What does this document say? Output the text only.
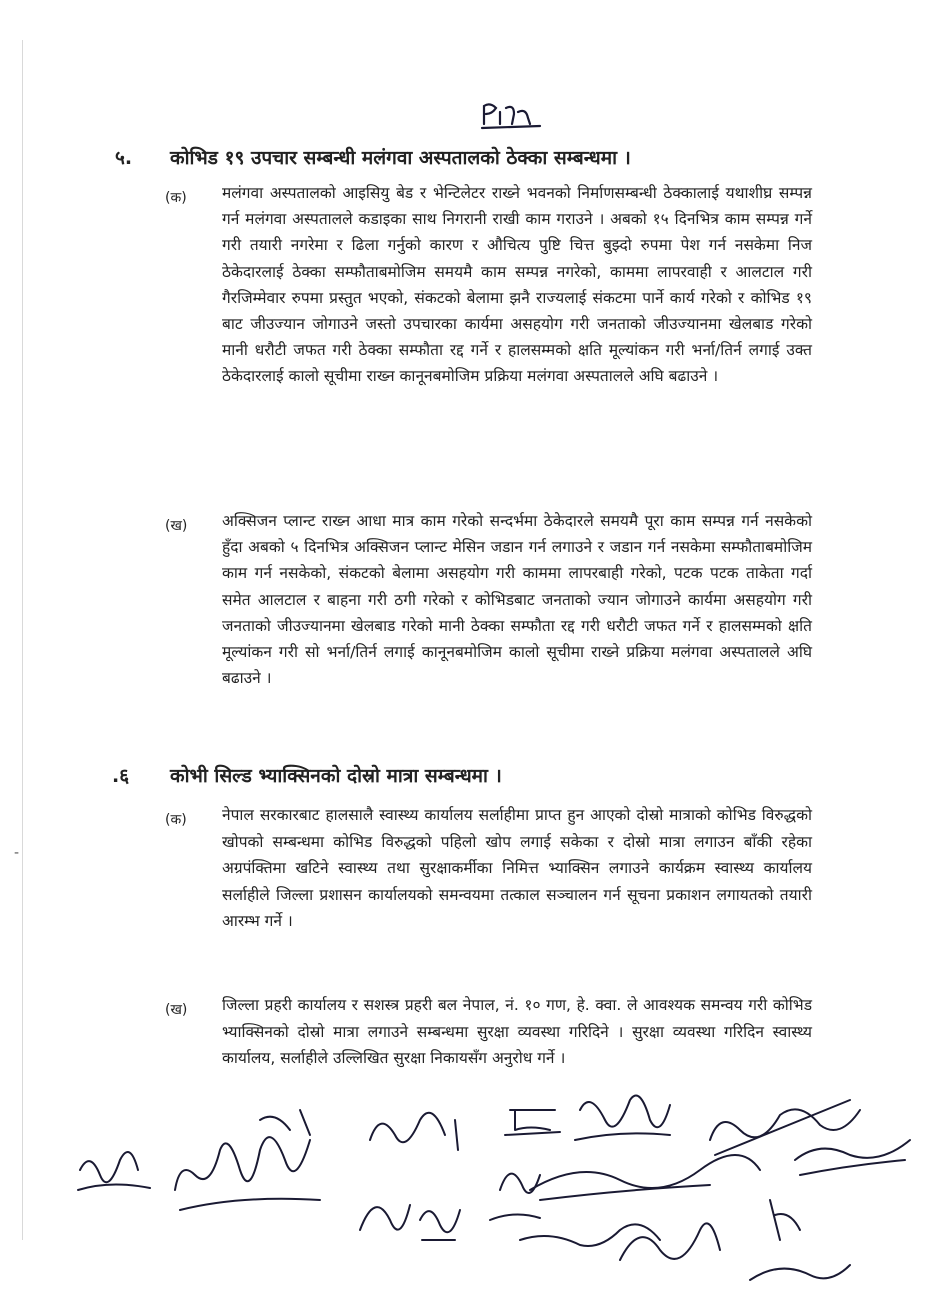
५. कोभिड १९ उपचार सम्बन्धी मलंगवा अस्पतालको ठेक्का सम्बन्धमा ।
(क) मलंगवा अस्पतालको आइसियु बेड र भेन्टिलेटर राख्ने भवनको निर्माणसम्बन्धी ठेक्कालाई यथाशीघ्र सम्पन्न गर्न मलंगवा अस्पतालले कडाइका साथ निगरानी राखी काम गराउने । अबको १५ दिनभित्र काम सम्पन्न गर्ने गरी तयारी नगरेमा र ढिला गर्नुको कारण र औचित्य पुष्टि चित्त बुझ्दो रुपमा पेश गर्न नसकेमा निज ठेकेदारलाई ठेक्का सम्फौताबमोजिम समयमै काम सम्पन्न नगरेको, काममा लापरवाही र आलटाल गरी गैरजिम्मेवार रुपमा प्रस्तुत भएको, संकटको बेलामा झनै राज्यलाई संकटमा पार्ने कार्य गरेको र कोभिड १९ बाट जीउज्यान जोगाउने जस्तो उपचारका कार्यमा असहयोग गरी जनताको जीउज्यानमा खेलबाड गरेको मानी धरौटी जफत गरी ठेक्का सम्फौता रद्द गर्ने र हालसम्मको क्षति मूल्यांकन गरी भर्ना/तिर्न लगाई उक्त ठेकेदारलाई कालो सूचीमा राख्न कानूनबमोजिम प्रक्रिया मलंगवा अस्पतालले अघि बढाउने ।
(ख) अक्सिजन प्लान्ट राख्न आधा मात्र काम गरेको सन्दर्भमा ठेकेदारले समयमै पूरा काम सम्पन्न गर्न नसकेको हुँदा अबको ५ दिनभित्र अक्सिजन प्लान्ट मेसिन जडान गर्न लगाउने र जडान गर्न नसकेमा सम्फौताबमोजिम काम गर्न नसकेको, संकटको बेलामा असहयोग गरी काममा लापरबाही गरेको, पटक पटक ताकेता गर्दा समेत आलटाल र बाहना गरी ठगी गरेको र कोभिडबाट जनताको ज्यान जोगाउने कार्यमा असहयोग गरी जनताको जीउज्यानमा खेलबाड गरेको मानी ठेक्का सम्फौता रद्द गरी धरौटी जफत गर्ने र हालसम्मको क्षति मूल्यांकन गरी सो भर्ना/तिर्न लगाई कानूनबमोजिम कालो सूचीमा राख्ने प्रक्रिया मलंगवा अस्पतालले अघि बढाउने ।
.६ कोभी सिल्ड भ्याक्सिनको दोस्रो मात्रा सम्बन्धमा ।
(क) नेपाल सरकारबाट हालसालै स्वास्थ्य कार्यालय सर्लाहीमा प्राप्त हुन आएको दोस्रो मात्राको कोभिड विरुद्धको खोपको सम्बन्धमा कोभिड विरुद्धको पहिलो खोप लगाई सकेका र दोस्रो मात्रा लगाउन बाँकी रहेका अग्रपंक्तिमा खटिने स्वास्थ्य तथा सुरक्षाकर्मीका निमित्त भ्याक्सिन लगाउने कार्यक्रम स्वास्थ्य कार्यालय सर्लाहीले जिल्ला प्रशासन कार्यालयको समन्वयमा तत्काल सञ्चालन गर्न सूचना प्रकाशन लगायतको तयारी आरम्भ गर्ने ।
(ख) जिल्ला प्रहरी कार्यालय र सशस्त्र प्रहरी बल नेपाल, नं. १० गण, हे. क्वा. ले आवश्यक समन्वय गरी कोभिड भ्याक्सिनको दोस्रो मात्रा लगाउने सम्बन्धमा सुरक्षा व्यवस्था गरिदिने । सुरक्षा व्यवस्था गरिदिन स्वास्थ्य कार्यालय, सर्लाहीले उल्लिखित सुरक्षा निकायसँग अनुरोध गर्ने ।
-
